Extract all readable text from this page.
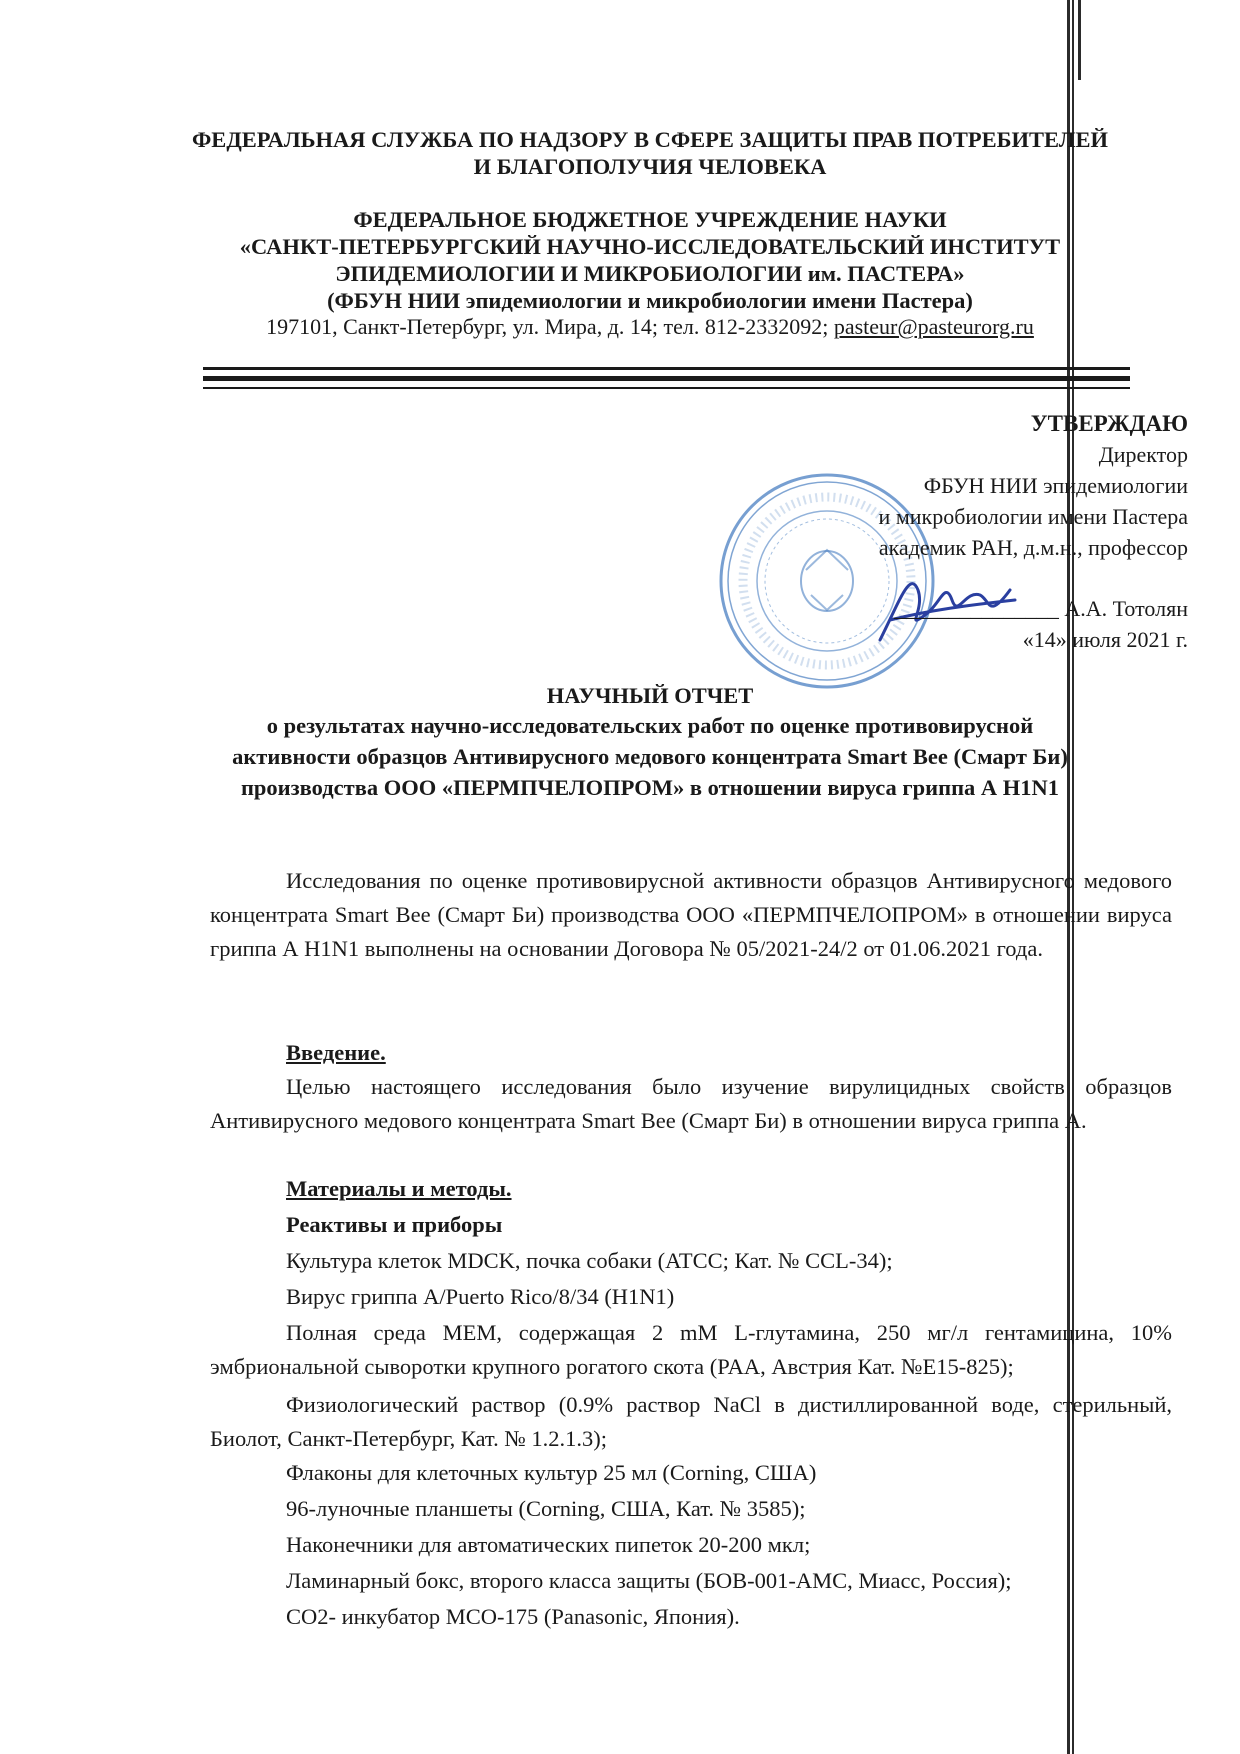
ФЕДЕРАЛЬНАЯ СЛУЖБА ПО НАДЗОРУ В СФЕРЕ ЗАЩИТЫ ПРАВ ПОТРЕБИТЕЛЕЙ
И БЛАГОПОЛУЧИЯ ЧЕЛОВЕКА
ФЕДЕРАЛЬНОЕ БЮДЖЕТНОЕ УЧРЕЖДЕНИЕ НАУКИ
«САНКТ-ПЕТЕРБУРГСКИЙ НАУЧНО-ИССЛЕДОВАТЕЛЬСКИЙ ИНСТИТУТ
ЭПИДЕМИОЛОГИИ И МИКРОБИОЛОГИИ им. ПАСТЕРА»
(ФБУН НИИ эпидемиологии и микробиологии имени Пастера)
197101, Санкт-Петербург, ул. Мира, д. 14; тел. 812-2332092; pasteur@pasteurorg.ru
УТВЕРЖДАЮ
Директор
ФБУН НИИ эпидемиологии
и микробиологии имени Пастера
академик РАН, д.м.н., профессор
_______________ А.А. Тотолян
«14» июля 2021 г.
НАУЧНЫЙ ОТЧЕТ
о результатах научно-исследовательских работ по оценке противовирусной
активности образцов Антивирусного медового концентрата Smart Bee (Смарт Би)
производства ООО «ПЕРМПЧЕЛОПРОМ» в отношении вируса гриппа А H1N1
Исследования по оценке противовирусной активности образцов Антивирусного медового концентрата Smart Bee (Смарт Би) производства ООО «ПЕРМПЧЕЛОПРОМ» в отношении вируса гриппа А H1N1 выполнены на основании Договора № 05/2021-24/2 от 01.06.2021 года.
Введение.
Целью настоящего исследования было изучение вирулицидных свойств образцов Антивирусного медового концентрата Smart Bee (Смарт Би) в отношении вируса гриппа А.
Материалы и методы.
Реактивы и приборы
Культура клеток MDCK, почка собаки (ATCC; Кат. № CCL-34);
Вирус гриппа A/Puerto Rico/8/34 (H1N1)
Полная среда MEM, содержащая 2 mM L-глутамина, 250 мг/л гентамицина, 10% эмбриональной сыворотки крупного рогатого скота (PAA, Австрия Кат. №E15-825);
Физиологический раствор (0.9% раствор NaCl в дистиллированной воде, стерильный, Биолот, Санкт-Петербург, Кат. № 1.2.1.3);
Флаконы для клеточных культур 25 мл (Corning, США)
96-луночные планшеты (Corning, США, Кат. № 3585);
Наконечники для автоматических пипеток 20-200 мкл;
Ламинарный бокс, второго класса защиты (БОВ-001-АМС, Миасс, Россия);
CO2- инкубатор MCO-175 (Panasonic, Япония).
